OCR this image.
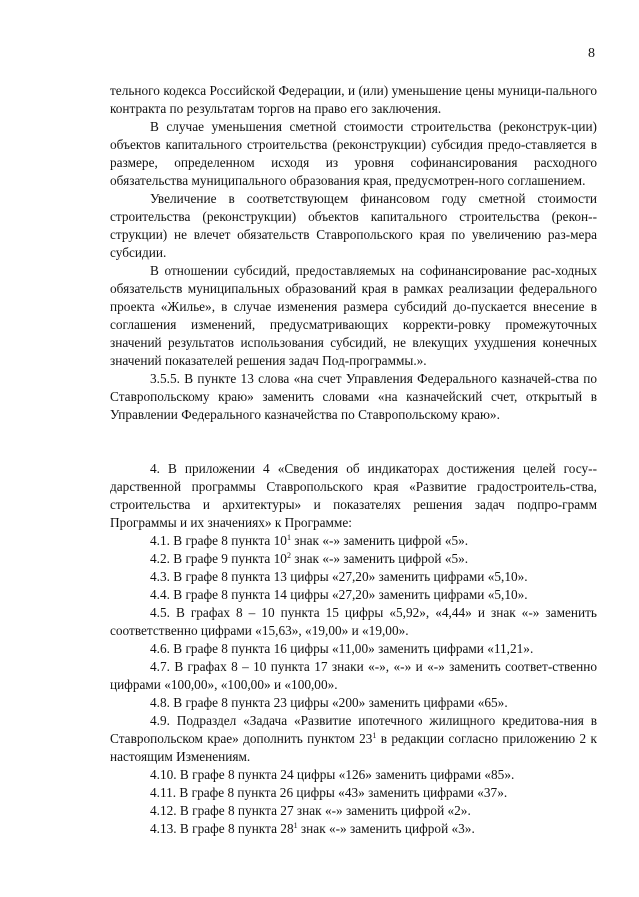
8

тельного кодекса Российской Федерации, и (или) уменьшение цены муници-пального контракта по результатам торгов на право его заключения.

В случае уменьшения сметной стоимости строительства (реконструк-ции) объектов капитального строительства (реконструкции) субсидия предо-ставляется в размере, определенном исходя из уровня софинансирования расходного обязательства муниципального образования края, предусмотрен-ного соглашением.

Увеличение в соответствующем финансовом году сметной стоимости строительства (реконструкции) объектов капитального строительства (рекон-струкции) не влечет обязательств Ставропольского края по увеличению раз-мера субсидии.

В отношении субсидий, предоставляемых на софинансирование рас-ходных обязательств муниципальных образований края в рамках реализации федерального проекта «Жилье», в случае изменения размера субсидий до-пускается внесение в соглашения изменений, предусматривающих корректи-ровку промежуточных значений результатов использования субсидий, не влекущих ухудшения конечных значений показателей решения задач Под-программы.».

3.5.5. В пункте 13 слова «на счет Управления Федерального казначей-ства по Ставропольскому краю» заменить словами «на казначейский счет, открытый в Управлении Федерального казначейства по Ставропольскому краю».

4. В приложении 4 «Сведения об индикаторах достижения целей госу-дарственной программы Ставропольского края «Развитие градостроитель-ства, строительства и архитектуры» и показателях решения задач подпро-грамм Программы и их значениях» к Программе:

4.1. В графе 8 пункта $10^1$ знак «-» заменить цифрой «5».

4.2. В графе 9 пункта $10^2$ знак «-» заменить цифрой «5».

4.3. В графе 8 пункта 13 цифры «27,20» заменить цифрами «5,10».

4.4. В графе 8 пункта 14 цифры «27,20» заменить цифрами «5,10».

4.5. В графах 8 – 10 пункта 15 цифры «5,92», «4,44» и знак «-» заменить соответственно цифрами «15,63», «19,00» и «19,00».

4.6. В графе 8 пункта 16 цифры «11,00» заменить цифрами «11,21».

4.7. В графах 8 – 10 пункта 17 знаки «-», «-» и «-» заменить соответ-ственно цифрами «100,00», «100,00» и «100,00».

4.8. В графе 8 пункта 23 цифры «200» заменить цифрами «65».

4.9. Подраздел «Задача «Развитие ипотечного жилищного кредитова-ния в Ставропольском крае» дополнить пунктом $23^1$ в редакции согласно приложению 2 к настоящим Изменениям.

4.10. В графе 8 пункта 24 цифры «126» заменить цифрами «85».

4.11. В графе 8 пункта 26 цифры «43» заменить цифрами «37».

4.12. В графе 8 пункта 27 знак «-» заменить цифрой «2».

4.13. В графе 8 пункта $28^1$ знак «-» заменить цифрой «3».
